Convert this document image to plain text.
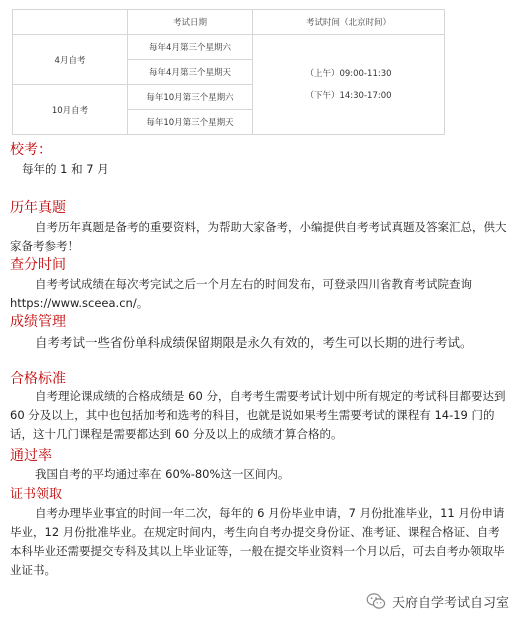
	考试日期	考试时间（北京时间）
4月自考	每年4月第三个星期六	（上午）09:00-11:30
（下午）14:30-17:00

	每年4月第三个星期天	
10月自考	每年10月第三个星期六	
	每年10月第三个星期天	
校考：

每年的 1 和 7 月

历年真题

自考历年真题是备考的重要资料，为帮助大家备考，小编提供自考考试真题及答案汇总，供大家备考参考！

查分时间

自考考试成绩在每次考完试之后一个月左右的时间发布，可登录四川省教育考试院查询https://www.sceea.cn/。

成绩管理

自考考试一些省份单科成绩保留期限是永久有效的，考生可以长期的进行考试。

合格标准

自考理论课成绩的合格成绩是 60 分，自考考生需要考试计划中所有规定的考试科目都要达到 60 分及以上，其中也包括加考和选考的科目，也就是说如果考生需要考试的课程有 14-19 门的话，这十几门课程是需要都达到 60 分及以上的成绩才算合格的。

通过率

我国自考的平均通过率在 60%-80%这一区间内。

证书领取

自考办理毕业事宜的时间一年二次，每年的 6 月份毕业申请，7 月份批准毕业，11 月份申请毕业，12 月份批准毕业。在规定时间内，考生向自考办提交身份证、准考证、课程合格证、自考本科毕业还需要提交专科及其以上毕业证等，一般在提交毕业资料一个月以后，可去自考办领取毕业证书。

天府自学考试自习室
